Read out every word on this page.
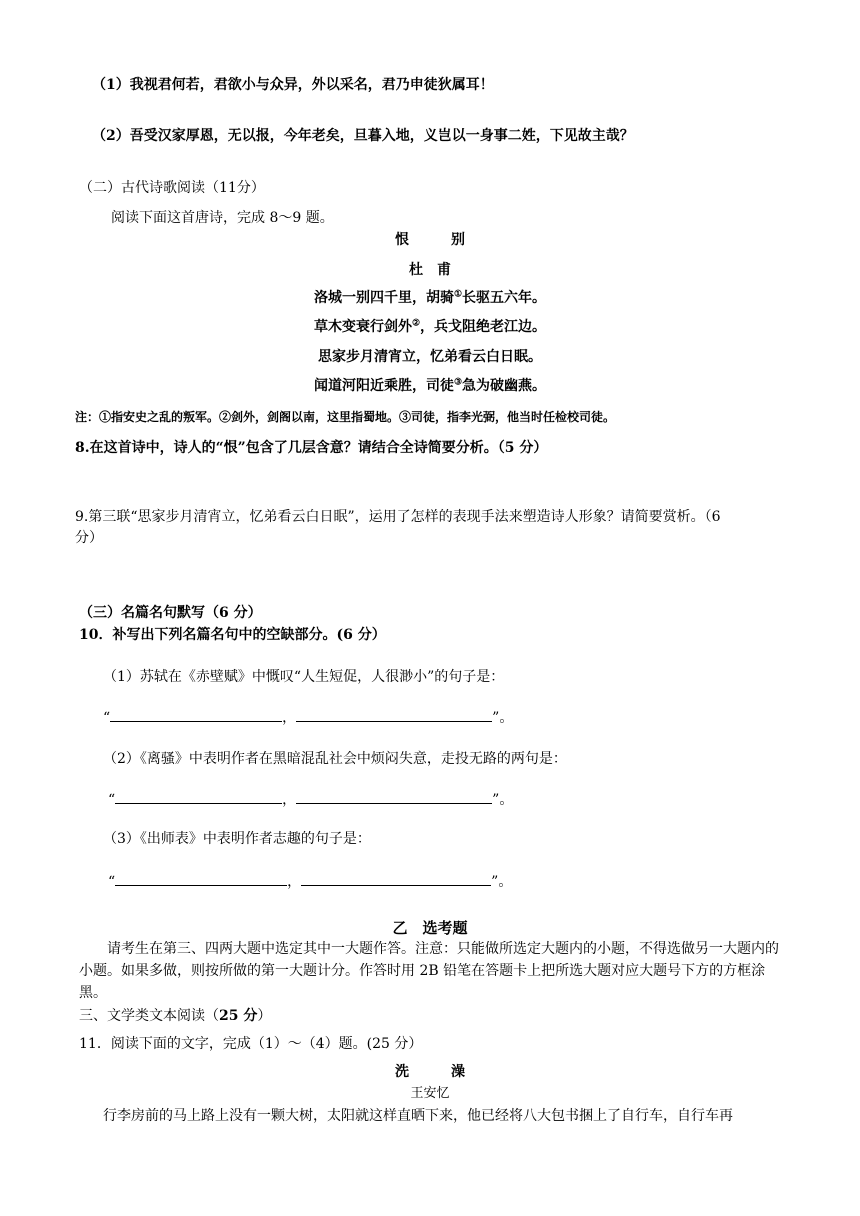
（1）我视君何若，君欲小与众异，外以采名，君乃申徒狄属耳！
（2）吾受汉家厚恩，无以报，今年老矣，旦暮入地，义岂以一身事二姓，下见故主哉？
（二）古代诗歌阅读（11分）
阅读下面这首唐诗，完成 8～9 题。
恨　　　别
杜　甫
洛城一别四千里，胡骑①长驱五六年。
草木变衰行剑外②，兵戈阻绝老江边。
思家步月清宵立，忆弟看云白日眠。
闻道河阳近乘胜，司徒③急为破幽燕。
注：①指安史之乱的叛军。②剑外，剑阁以南，这里指蜀地。③司徒，指李光弼，他当时任检校司徒。
8.在这首诗中，诗人的“恨”包含了几层含意？请结合全诗简要分析。（5 分）
9.第三联“思家步月清宵立，忆弟看云白日眠”，运用了怎样的表现手法来塑造诗人形象？请简要赏析。（6
分）
（三）名篇名句默写（6 分）
10．补写出下列名篇名句中的空缺部分。(6 分）
（1）苏轼在《赤壁赋》中慨叹“人生短促，人很渺小”的句子是：
“	，	”。
（2）《离骚》中表明作者在黑暗混乱社会中烦闷失意，走投无路的两句是：
“	，	”。
（3）《出师表》中表明作者志趣的句子是：
“	，	”。
乙　选考题
请考生在第三、四两大题中选定其中一大题作答。注意：只能做所选定大题内的小题，不得选做另一大题内的小题。如果多做，则按所做的第一大题计分。作答时用 2B 铅笔在答题卡上把所选大题对应大题号下方的方框涂黑。
三、文学类文本阅读（25 分）
11．阅读下面的文字，完成（1）～（4）题。(25 分）
洗　　　澡
王安忆
行李房前的马上路上没有一颗大树，太阳就这样直晒下来，他已经将八大包书捆上了自行车，自行车再
